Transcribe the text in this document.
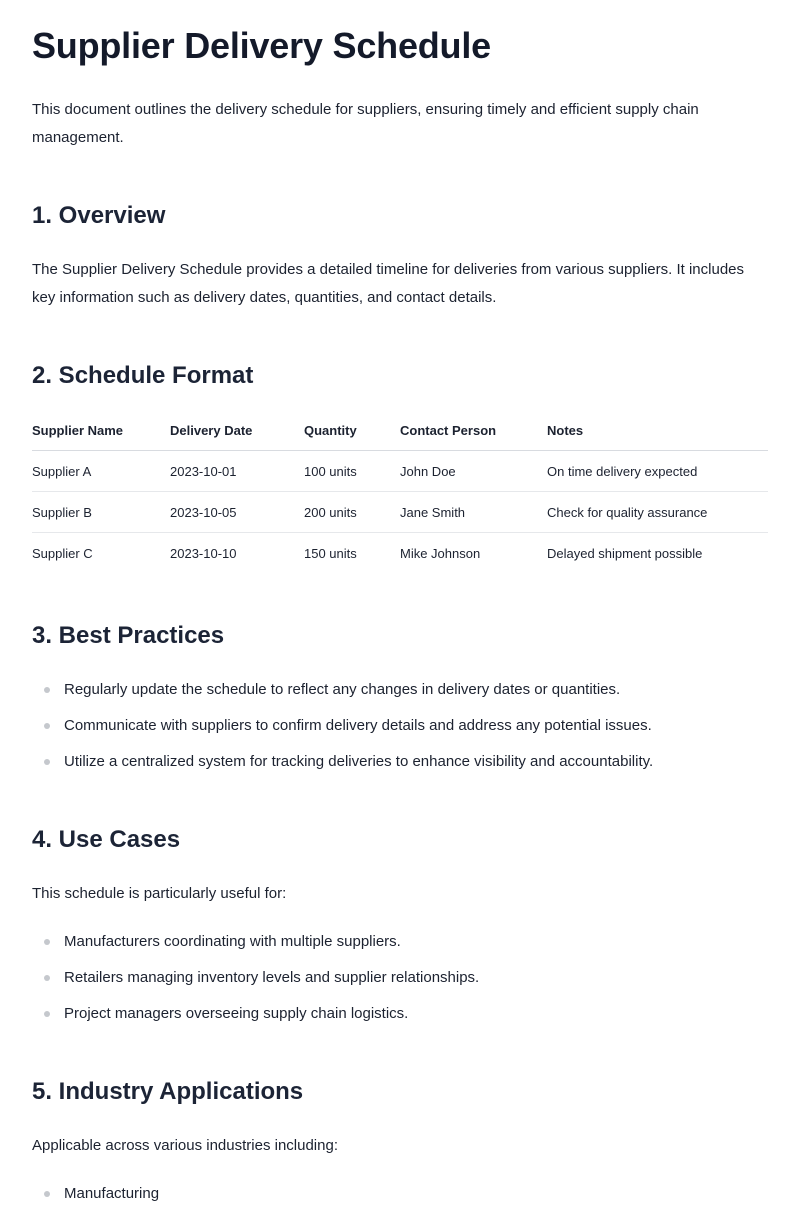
Supplier Delivery Schedule

This document outlines the delivery schedule for suppliers, ensuring timely and efficient supply chain management.

1. Overview

The Supplier Delivery Schedule provides a detailed timeline for deliveries from various suppliers. It includes key information such as delivery dates, quantities, and contact details.

2. Schedule Format
Supplier Name	Delivery Date	Quantity	Contact Person	Notes
Supplier A	2023-10-01	100 units	John Doe	On time delivery expected
Supplier B	2023-10-05	200 units	Jane Smith	Check for quality assurance
Supplier C	2023-10-10	150 units	Mike Johnson	Delayed shipment possible
3. Best Practices
Regularly update the schedule to reflect any changes in delivery dates or quantities.
Communicate with suppliers to confirm delivery details and address any potential issues.
Utilize a centralized system for tracking deliveries to enhance visibility and accountability.
4. Use Cases

This schedule is particularly useful for:

Manufacturers coordinating with multiple suppliers.
Retailers managing inventory levels and supplier relationships.
Project managers overseeing supply chain logistics.
5. Industry Applications

Applicable across various industries including:

Manufacturing
